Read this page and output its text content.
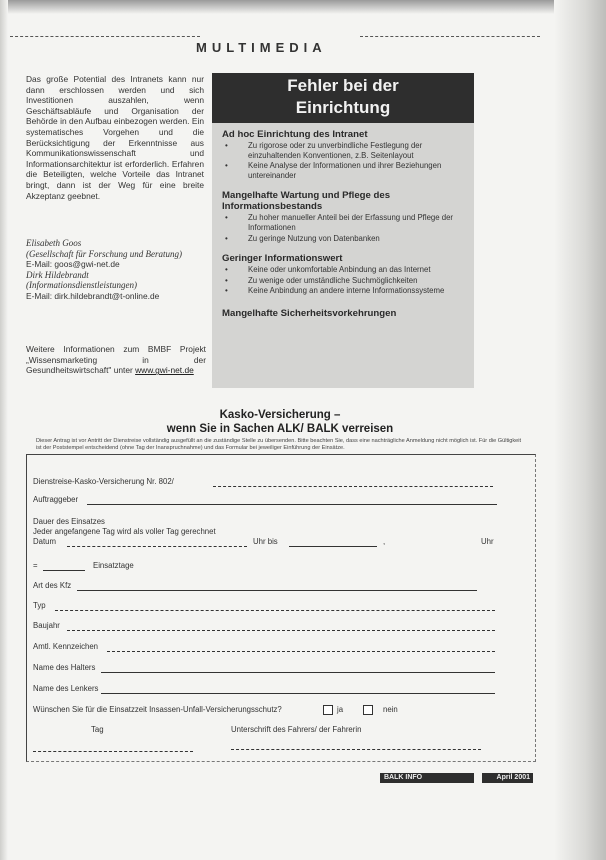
MULTIMEDIA
Das große Potential des Intranets kann nur dann erschlossen werden und sich Investitionen auszahlen, wenn Geschäftsabläufe und Organisation der Behörde in den Aufbau einbezogen werden. Ein systematisches Vorgehen und die Berücksichtigung der Erkenntnisse aus Kommunikationswissenschaft und Informationsarchitektur ist erforderlich. Erfahren die Beteiligten, welche Vorteile das Intranet bringt, dann ist der Weg für eine breite Akzeptanz geebnet.
Elisabeth Goos
(Gesellschaft für Forschung und Beratung)
E-Mail: goos@gwi-net.de
Dirk Hildebrandt
(Informationsdienstleistungen)
E-Mail: dirk.hildebrandt@t-online.de
Weitere Informationen zum BMBF Projekt „Wissensmarketing in der Gesundheitswirtschaft" unter www.gwi-net.de
Fehler bei der
Einrichtung
Ad hoc Einrichtung des Intranet
• Zu rigorose oder zu unverbindliche Festlegung der einzuhaltenden Konventionen, z.B. Seitenlayout
• Keine Analyse der Informationen und ihrer Beziehungen untereinander
Mangelhafte Wartung und Pflege des Informationsbestands
• Zu hoher manueller Anteil bei der Erfassung und Pflege der Informationen
• Zu geringe Nutzung von Datenbanken
Geringer Informationswert
• Keine oder unkomfortable Anbindung an das Internet
• Zu wenige oder umständliche Suchmöglichkeiten
• Keine Anbindung an andere interne Informationssysteme
Mangelhafte Sicherheitsvorkehrungen
Kasko-Versicherung –
wenn Sie in Sachen ALK/ BALK verreisen
Dieser Antrag ist vor Antritt der Dienstreise vollständig ausgefüllt an die zuständige Stelle zu übersenden. Bitte beachten Sie, dass eine nachträgliche Anmeldung nicht möglich ist. Für die Gültigkeit ist der Poststempel entscheidend (ohne Tag der Inanspruchnahme) und das Formular bei jeweiliger Einführung der Einsätze.
Dienstreise-Kasko-Versicherung Nr. 802/
Auftraggeber
Dauer des Einsatzes
Jeder angefangene Tag wird als voller Tag gerechnet
Datum	Uhr bis	,	Uhr
=	Einsatztage
Art des Kfz
Typ
Baujahr
Amtl. Kennzeichen
Name des Halters
Name des Lenkers
Wünschen Sie für die Einsatzzeit Insassen-Unfall-Versicherungsschutz?	ja	nein
Tag	Unterschrift des Fahrers/ der Fahrerin
BALK INFO	April 2001
